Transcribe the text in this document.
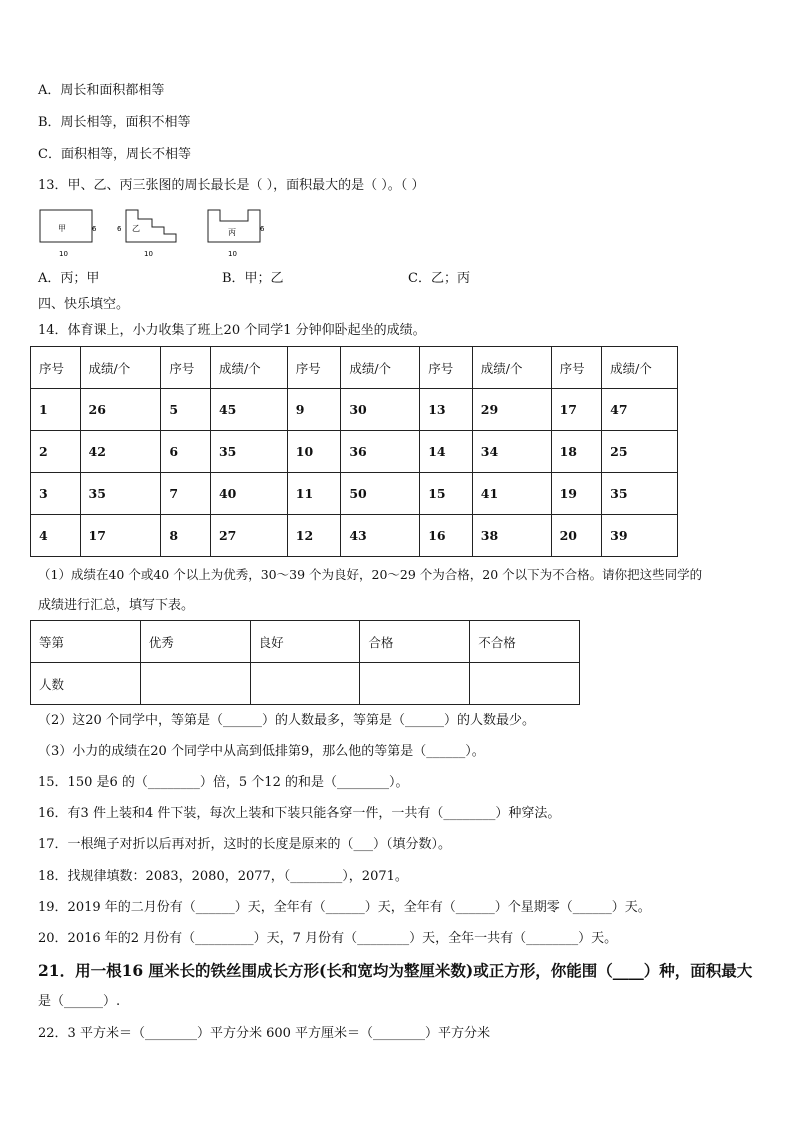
A．周长和面积都相等
B．周长相等，面积不相等
C．面积相等，周长不相等
13．甲、乙、丙三张图的周长最长是（ ），面积最大的是（ ）。（ ）
甲	6
10
乙
6
10
丙	6
10
A．丙；甲	B．甲；乙	C．乙；丙
四、快乐填空。
14．体育课上，小力收集了班上20 个同学1 分钟仰卧起坐的成绩。
序号	成绩/个	序号	成绩/个	序号	成绩/个	序号	成绩/个	序号	成绩/个
1	26	5	45	9	30	13	29	17	47
2	42	6	35	10	36	14	34	18	25
3	35	7	40	11	50	15	41	19	35
4	17	8	27	12	43	16	38	20	39
（1）成绩在40 个或40 个以上为优秀，30～39 个为良好，20～29 个为合格，20 个以下为不合格。请你把这些同学的
成绩进行汇总，填写下表。
等第	优秀	良好	合格	不合格
人数				
（2）这20 个同学中，等第是（______）的人数最多，等第是（______）的人数最少。
（3）小力的成绩在20 个同学中从高到低排第9，那么他的等第是（______）。
15．150 是6 的（________）倍，5 个12 的和是（________）。
16．有3 件上装和4 件下装，每次上装和下装只能各穿一件，一共有（________）种穿法。
17．一根绳子对折以后再对折，这时的长度是原来的（___）（填分数）。
18．找规律填数：2083，2080，2077，（________），2071。
19．2019 年的二月份有（______）天，全年有（______）天，全年有（______）个星期零（______）天。
20．2016 年的2 月份有（_________）天，7 月份有（________）天，全年一共有（________）天。
21．用一根16 厘米长的铁丝围成长方形(长和宽均为整厘米数)或正方形，你能围（____）种，面积最大
是（______）.
22．3 平方米＝（________）平方分米 600 平方厘米＝（________）平方分米
